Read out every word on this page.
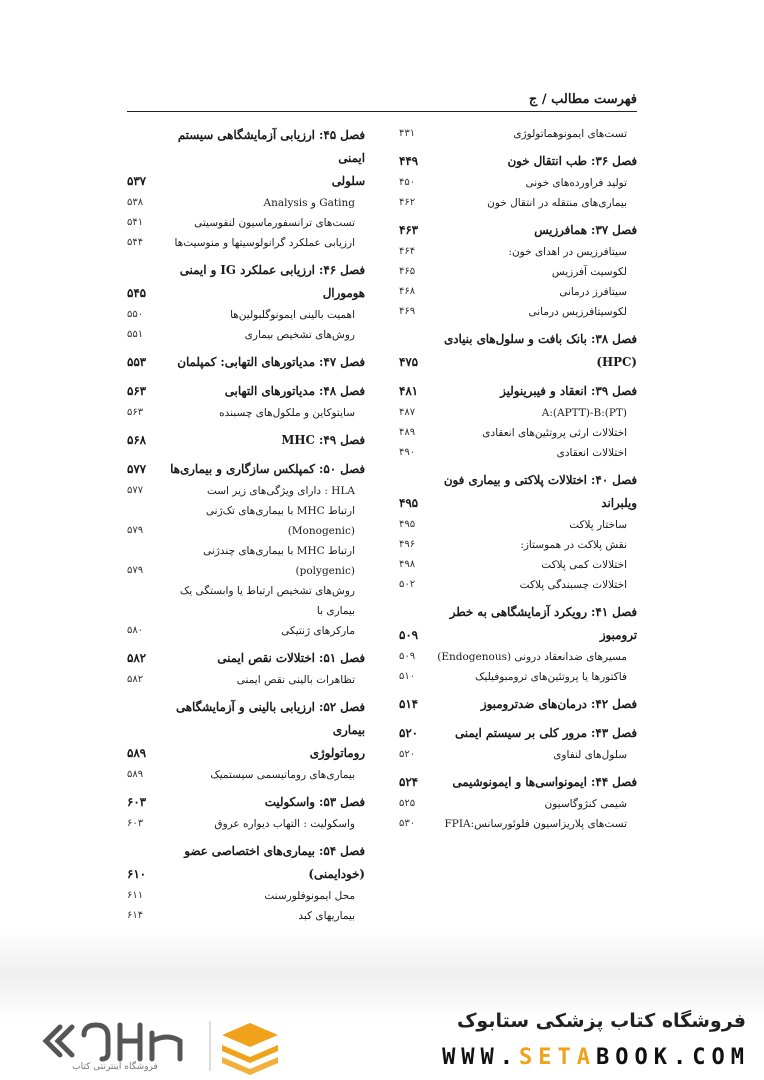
فهرست مطالب / ج
تست‌های ایمونوهماتولوژی
۴۳۱
فصل ۳۶: طب انتقال خون
۴۴۹
تولید فراورده‌های خونی
۴۵۰
بیماری‌های منتقله در انتقال خون
۴۶۲
فصل ۳۷: همافرزیس
۴۶۳
سیتافرزیس در اهدای خون:
۴۶۴
لکوسیت آفرزیس
۴۶۵
سیتافرز درمانی
۴۶۸
لکوسیتافرزیس درمانی
۴۶۹
فصل ۳۸: بانک بافت و سلول‌های بنیادی
(HPC)
۴۷۵
فصل ۳۹: انعقاد و فیبرینولیز
۴۸۱
A:(APTT)-B:(PT)
۴۸۷
اختلالات ارثی پروتئین‌های انعقادی
۴۸۹
اختلالات انعقادی
۴۹۰
فصل ۴۰: اختلالات پلاکتی و بیماری فون
ویلبراند
۴۹۵
ساختار پلاکت
۴۹۵
نقش پلاکت در هموستاز:
۴۹۶
اختلالات کمی پلاکت
۴۹۸
اختلالات چسبندگی پلاکت
۵۰۲
فصل ۴۱: رویکرد آزمایشگاهی به خطر
ترومبوز
۵۰۹
مسیرهای ضدانعقاد درونی (Endogenous)
۵۰۹
فاکتورها یا پروتئین‌های ترومبوفیلیک
۵۱۰
فصل ۴۲: درمان‌های ضدترومبوز
۵۱۴
فصل ۴۳: مرور کلی بر سیستم ایمنی
۵۲۰
سلول‌های لنفاوی
۵۲۰
فصل ۴۴: ایمونواسی‌ها و ایمونوشیمی
۵۲۴
شیمی کنژوگاسیون
۵۲۵
تست‌های پلاریزاسیون فلوئورسانس:FPIA
۵۳۰
فصل ۴۵: ارزیابی آزمایشگاهی سیستم ایمنی
سلولی
۵۳۷
Gating و Analysis
۵۳۸
تست‌های ترانسفورماسیون لنفوسیتی
۵۴۱
ارزیابی عملکرد گرانولوسیتها و منوسیت‌ها
۵۴۴
فصل ۴۶: ارزیابی عملکرد IG و ایمنی
هومورال
۵۴۵
اهمیت بالینی ایمونوگلبولین‌ها
۵۵۰
روش‌های تشخیص بیماری
۵۵۱
فصل ۴۷: مدیاتورهای التهابی: کمپلمان
۵۵۳
فصل ۴۸: مدیاتورهای التهابی
۵۶۳
سایتوکاین و ملکول‌های چسبنده
۵۶۳
فصل ۴۹: MHC
۵۶۸
فصل ۵۰: کمپلکس سازگاری و بیماری‌ها
۵۷۷
HLA : دارای ویژگی‌های زیر است
۵۷۷
ارتباط MHC با بیماری‌های تک‌ژنی
(Monogenic)
۵۷۹
ارتباط MHC با بیماری‌های چندژنی
(polygenic)
۵۷۹
روش‌های تشخیص ارتباط یا وابستگی یک بیماری با
مارکرهای ژنتیکی
۵۸۰
فصل ۵۱: اختلالات نقص ایمنی
۵۸۲
تظاهرات بالینی نقص ایمنی
۵۸۲
فصل ۵۲: ارزیابی بالینی و آزمایشگاهی بیماری
روماتولوژی
۵۸۹
بیماری‌های روماتیسمی سیستمیک
۵۸۹
فصل ۵۳: واسکولیت
۶۰۳
واسکولیت : التهاب دیواره عروق
۶۰۳
فصل ۵۴: بیماری‌های اختصاصی عضو
(خودایمنی)
۶۱۰
محل ایمونوفلورسنت
۶۱۱
بیماریهای کبد
۶۱۴
فروشگاه اینترنتی کتاب
فروشگاه کتاب پزشکی ستابوک
WWW.SETABOOK.COM
